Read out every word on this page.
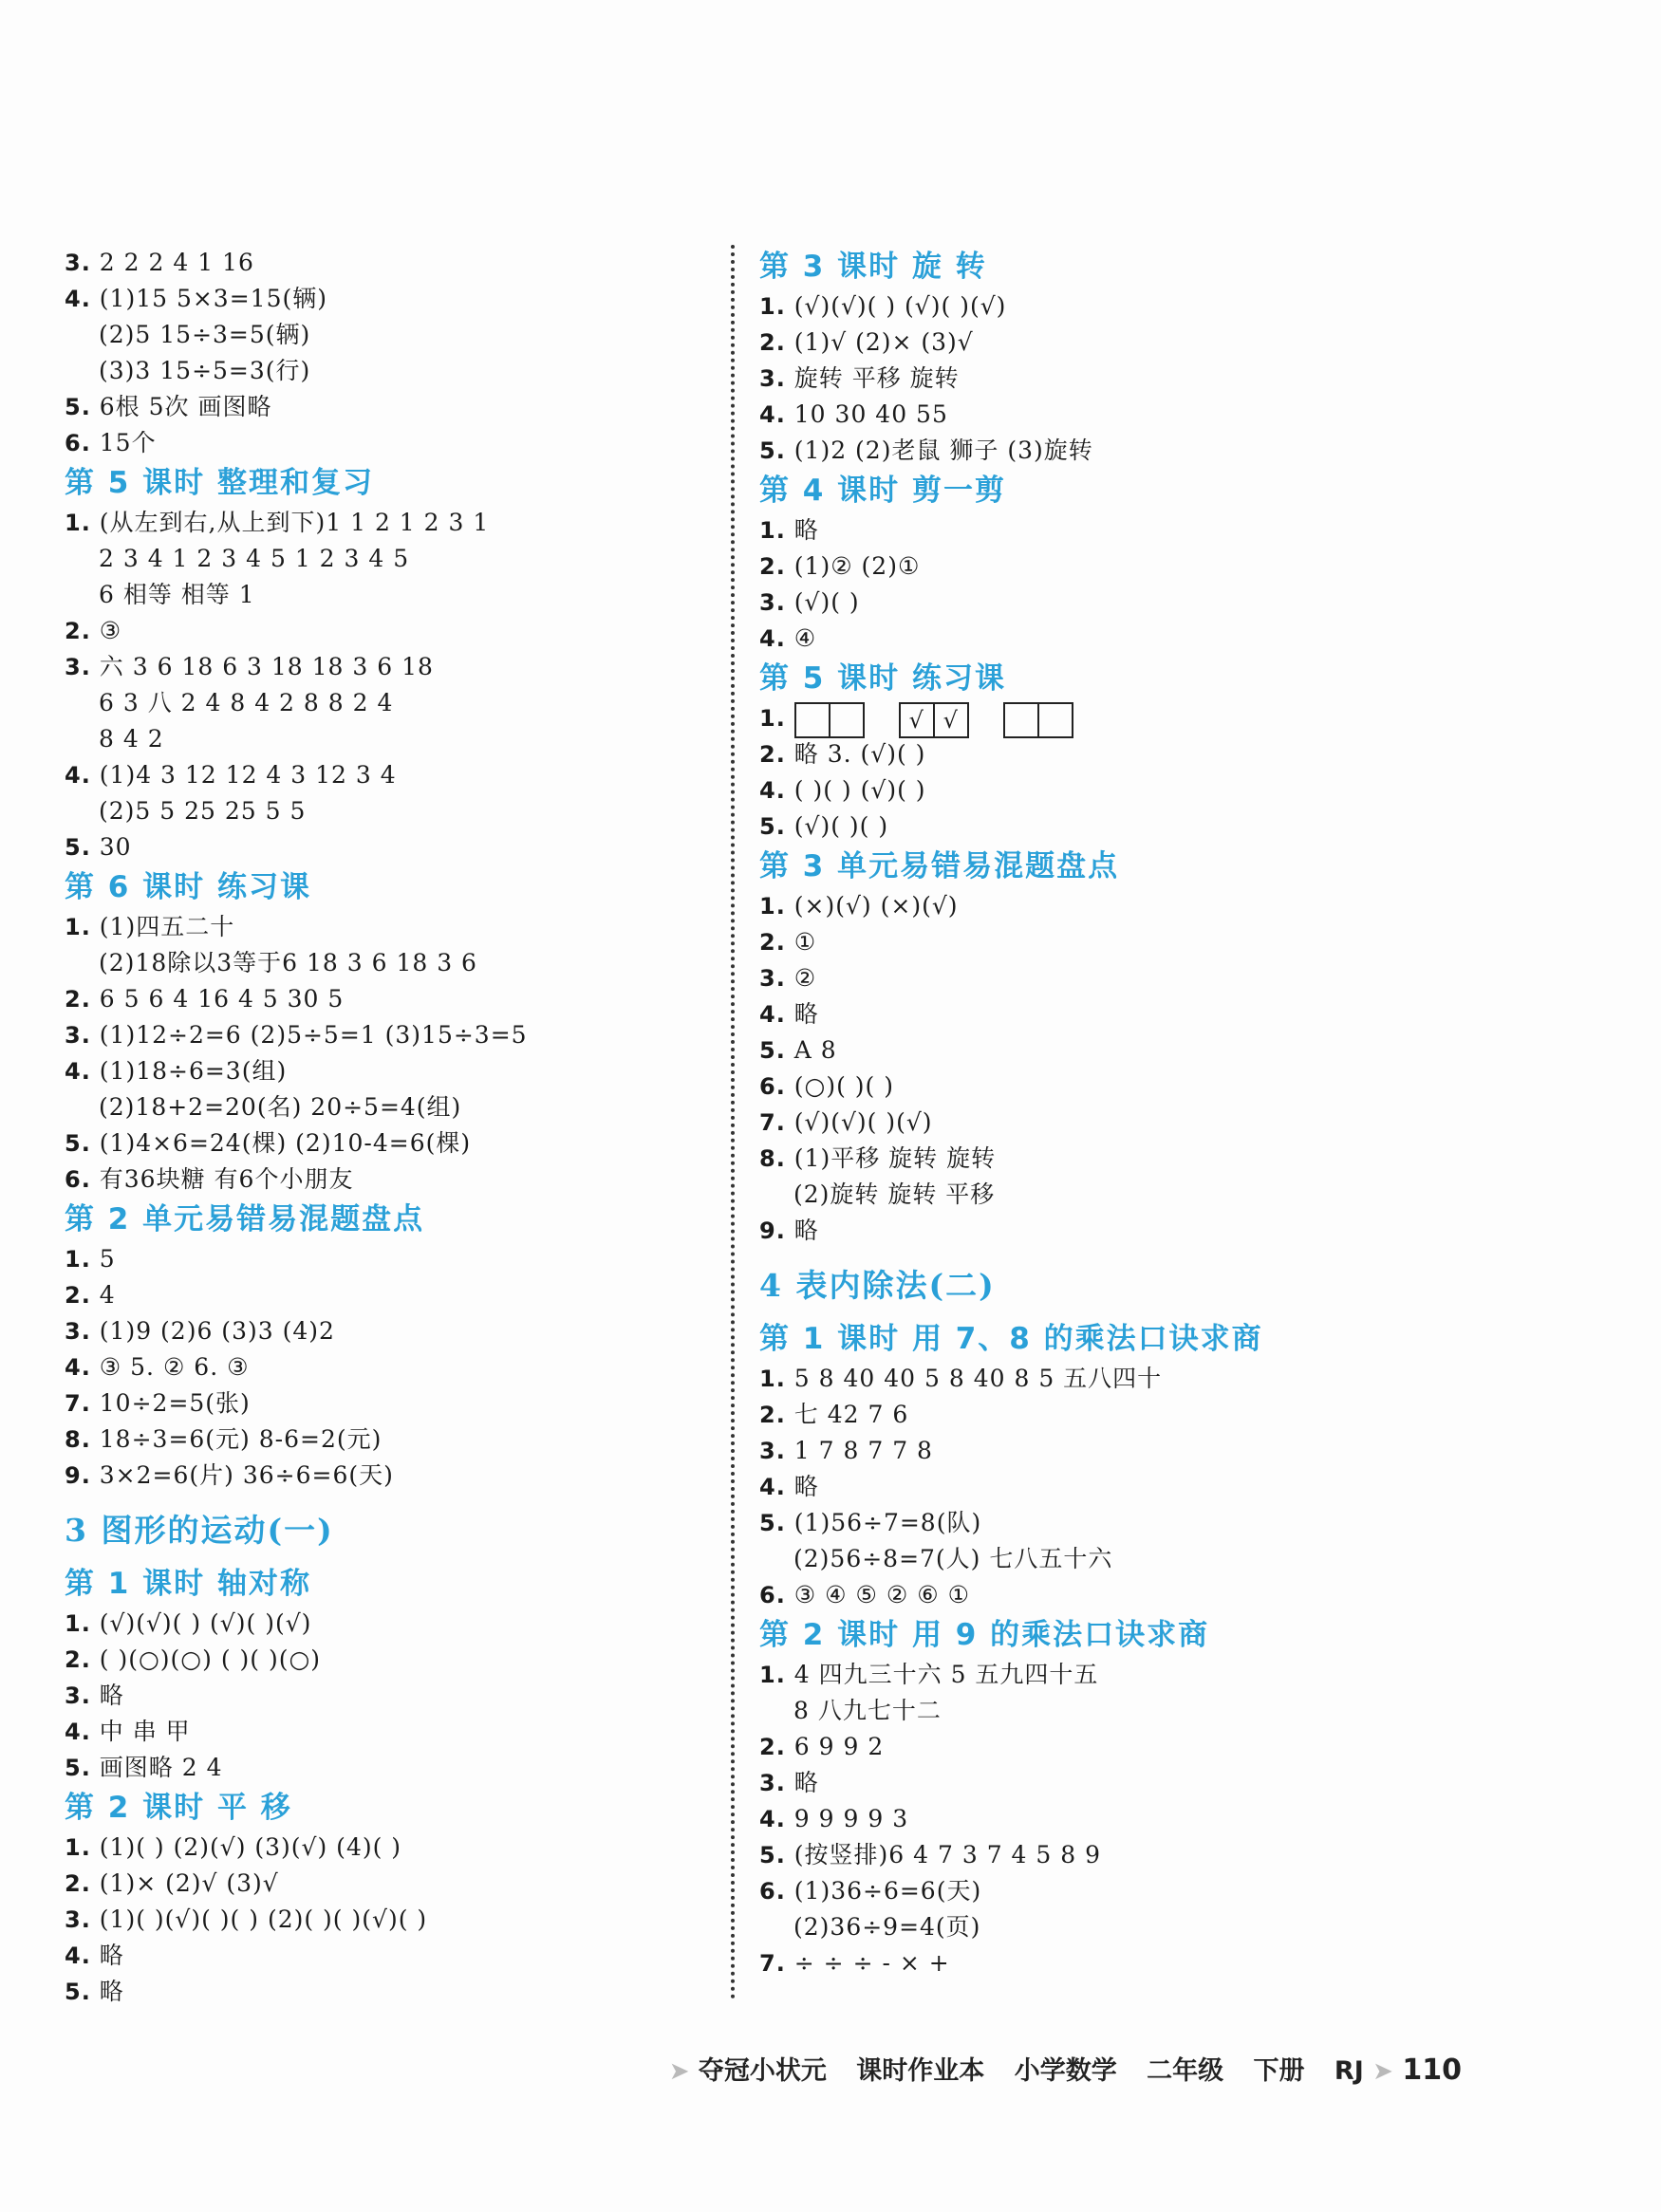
3. 2 2 2 4 1 16
4. (1)15 5×3=15(辆)
(2)5 15÷3=5(辆)
(3)3 15÷5=3(行)
5. 6根 5次 画图略
6. 15个
第 5 课时 整理和复习
1. (从左到右,从上到下)1 1 2 1 2 3 1
2 3 4 1 2 3 4 5 1 2 3 4 5
6 相等 相等 1
2. ③
3. 六 3 6 18 6 3 18 18 3 6 18
6 3 八 2 4 8 4 2 8 8 2 4
8 4 2
4. (1)4 3 12 12 4 3 12 3 4
(2)5 5 25 25 5 5
5. 30
第 6 课时 练习课
1. (1)四五二十
(2)18除以3等于6 18 3 6 18 3 6
2. 6 5 6 4 16 4 5 30 5
3. (1)12÷2=6 (2)5÷5=1 (3)15÷3=5
4. (1)18÷6=3(组)
(2)18+2=20(名) 20÷5=4(组)
5. (1)4×6=24(棵) (2)10-4=6(棵)
6. 有36块糖 有6个小朋友
第 2 单元易错易混题盘点
1. 5
2. 4
3. (1)9 (2)6 (3)3 (4)2
4. ③ 5. ② 6. ③
7. 10÷2=5(张)
8. 18÷3=6(元) 8-6=2(元)
9. 3×2=6(片) 36÷6=6(天)
3 图形的运动(一)
第 1 课时 轴对称
1. (√)(√)( ) (√)( )(√)
2. ( )(○)(○) ( )( )(○)
3. 略
4. 中 串 甲
5. 画图略 2 4
第 2 课时 平 移
1. (1)( ) (2)(√) (3)(√) (4)( )
2. (1)× (2)√ (3)√
3. (1)( )(√)( )( ) (2)( )( )(√)( )
4. 略
5. 略
第 3 课时 旋 转
1. (√)(√)( ) (√)( )(√)
2. (1)√ (2)× (3)√
3. 旋转 平移 旋转
4. 10 30 40 55
5. (1)2 (2)老鼠 狮子 (3)旋转
第 4 课时 剪一剪
1. 略
2. (1)② (2)①
3. (√)( )
4. ④
第 5 课时 练习课
1.	√ √
2. 略 3. (√)( )
4. ( )( ) (√)( )
5. (√)( )( )
第 3 单元易错易混题盘点
1. (×)(√) (×)(√)
2. ①
3. ②
4. 略
5. A 8
6. (○)( )( )
7. (√)(√)( )(√)
8. (1)平移 旋转 旋转
(2)旋转 旋转 平移
9. 略
4 表内除法(二)
第 1 课时 用 7、8 的乘法口诀求商
1. 5 8 40 40 5 8 40 8 5 五八四十
2. 七 42 7 6
3. 1 7 8 7 7 8
4. 略
5. (1)56÷7=8(队)
(2)56÷8=7(人) 七八五十六
6. ③ ④ ⑤ ② ⑥ ①
第 2 课时 用 9 的乘法口诀求商
1. 4 四九三十六 5 五九四十五
8 八九七十二
2. 6 9 9 2
3. 略
4. 9 9 9 9 3
5. (按竖排)6 4 7 3 7 4 5 8 9
6. (1)36÷6=6(天)
(2)36÷9=4(页)
7. ÷ ÷ ÷ - × +
➤ 夺冠小状元 课时作业本 小学数学 二年级 下册 RJ ➤ 110
